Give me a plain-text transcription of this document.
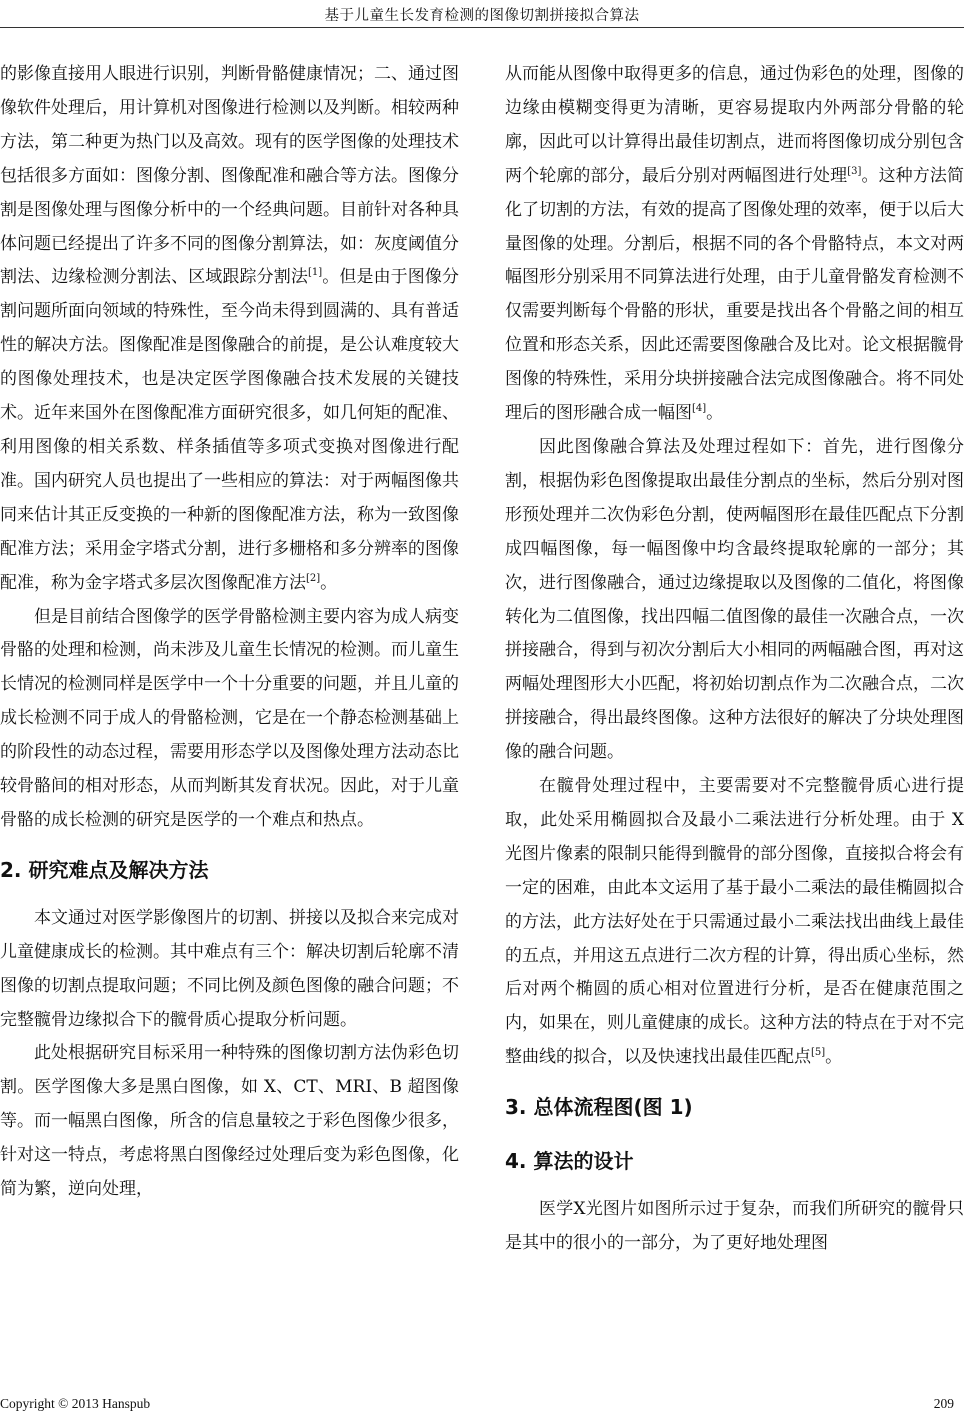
基于儿童生长发育检测的图像切割拼接拟合算法

的影像直接用人眼进行识别，判断骨骼健康情况；二、通过图像软件处理后，用计算机对图像进行检测以及判断。相较两种方法，第二种更为热门以及高效。现有的医学图像的处理技术包括很多方面如：图像分割、图像配准和融合等方法。图像分割是图像处理与图像分析中的一个经典问题。目前针对各种具体问题已经提出了许多不同的图像分割算法，如：灰度阈值分割法、边缘检测分割法、区域跟踪分割法[1]。但是由于图像分割问题所面向领域的特殊性，至今尚未得到圆满的、具有普适性的解决方法。图像配准是图像融合的前提，是公认难度较大的图像处理技术，也是决定医学图像融合技术发展的关键技术。近年来国外在图像配准方面研究很多，如几何矩的配准、利用图像的相关系数、样条插值等多项式变换对图像进行配准。国内研究人员也提出了一些相应的算法：对于两幅图像共同来估计其正反变换的一种新的图像配准方法，称为一致图像配准方法；采用金字塔式分割，进行多栅格和多分辨率的图像配准，称为金字塔式多层次图像配准方法[2]。

但是目前结合图像学的医学骨骼检测主要内容为成人病变骨骼的处理和检测，尚未涉及儿童生长情况的检测。而儿童生长情况的检测同样是医学中一个十分重要的问题，并且儿童的成长检测不同于成人的骨骼检测，它是在一个静态检测基础上的阶段性的动态过程，需要用形态学以及图像处理方法动态比较骨骼间的相对形态，从而判断其发育状况。因此，对于儿童骨骼的成长检测的研究是医学的一个难点和热点。

2. 研究难点及解决方法

本文通过对医学影像图片的切割、拼接以及拟合来完成对儿童健康成长的检测。其中难点有三个：解决切割后轮廓不清图像的切割点提取问题；不同比例及颜色图像的融合问题；不完整髋骨边缘拟合下的髋骨质心提取分析问题。

此处根据研究目标采用一种特殊的图像切割方法伪彩色切割。医学图像大多是黑白图像，如 X、CT、MRI、B 超图像等。而一幅黑白图像，所含的信息量较之于彩色图像少很多，针对这一特点，考虑将黑白图像经过处理后变为彩色图像，化简为繁，逆向处理，

从而能从图像中取得更多的信息，通过伪彩色的处理，图像的边缘由模糊变得更为清晰，更容易提取内外两部分骨骼的轮廓，因此可以计算得出最佳切割点，进而将图像切成分别包含两个轮廓的部分，最后分别对两幅图进行处理[3]。这种方法简化了切割的方法，有效的提高了图像处理的效率，便于以后大量图像的处理。分割后，根据不同的各个骨骼特点，本文对两幅图形分别采用不同算法进行处理，由于儿童骨骼发育检测不仅需要判断每个骨骼的形状，重要是找出各个骨骼之间的相互位置和形态关系，因此还需要图像融合及比对。论文根据髋骨图像的特殊性，采用分块拼接融合法完成图像融合。将不同处理后的图形融合成一幅图[4]。

因此图像融合算法及处理过程如下：首先，进行图像分割，根据伪彩色图像提取出最佳分割点的坐标，然后分别对图形预处理并二次伪彩色分割，使两幅图形在最佳匹配点下分割成四幅图像，每一幅图像中均含最终提取轮廓的一部分；其次，进行图像融合，通过边缘提取以及图像的二值化，将图像转化为二值图像，找出四幅二值图像的最佳一次融合点，一次拼接融合，得到与初次分割后大小相同的两幅融合图，再对这两幅处理图形大小匹配，将初始切割点作为二次融合点，二次拼接融合，得出最终图像。这种方法很好的解决了分块处理图像的融合问题。

在髋骨处理过程中，主要需要对不完整髋骨质心进行提取，此处采用椭圆拟合及最小二乘法进行分析处理。由于 X 光图片像素的限制只能得到髋骨的部分图像，直接拟合将会有一定的困难，由此本文运用了基于最小二乘法的最佳椭圆拟合的方法，此方法好处在于只需通过最小二乘法找出曲线上最佳的五点，并用这五点进行二次方程的计算，得出质心坐标，然后对两个椭圆的质心相对位置进行分析，是否在健康范围之内，如果在，则儿童健康的成长。这种方法的特点在于对不完整曲线的拟合，以及快速找出最佳匹配点[5]。

3. 总体流程图(图 1)
4. 算法的设计

医学X光图片如图所示过于复杂，而我们所研究的髋骨只是其中的很小的一部分，为了更好地处理图

Copyright © 2013 Hanspub	209
